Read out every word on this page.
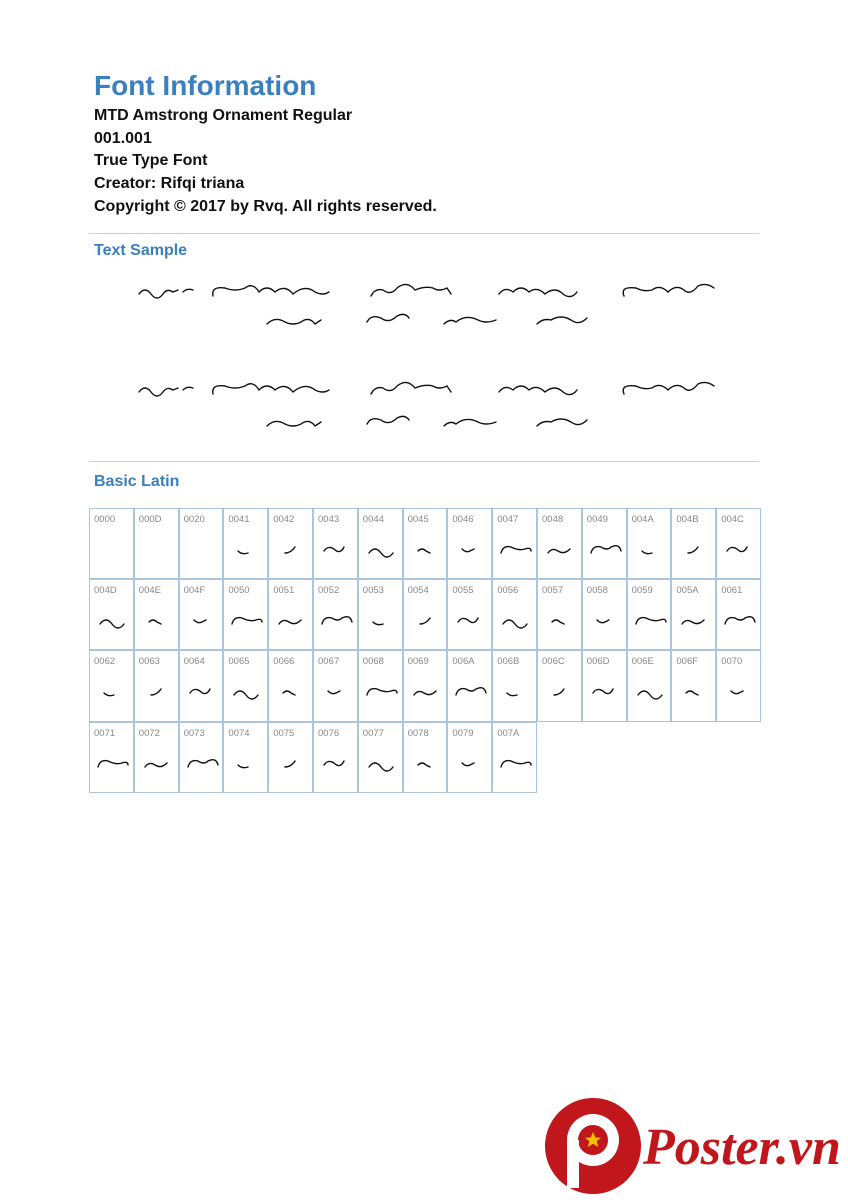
Font Information
MTD Amstrong Ornament Regular
001.001
True Type Font
Creator: Rifqi triana
Copyright © 2017 by Rvq. All rights reserved.
Text Sample
Basic Latin
0000 000D 0020 0041 0042 0043 0044 0045 0046 0047 0048 0049 004A 004B 004C
004D 004E 004F 0050 0051 0052 0053 0054 0055 0056 0057 0058 0059 005A 0061
0062 0063 0064 0065 0066 0067 0068 0069 006A 006B 006C 006D 006E 006F 0070
0071 0072 0073 0074 0075 0076 0077 0078 0079 007A
Poster.vn
